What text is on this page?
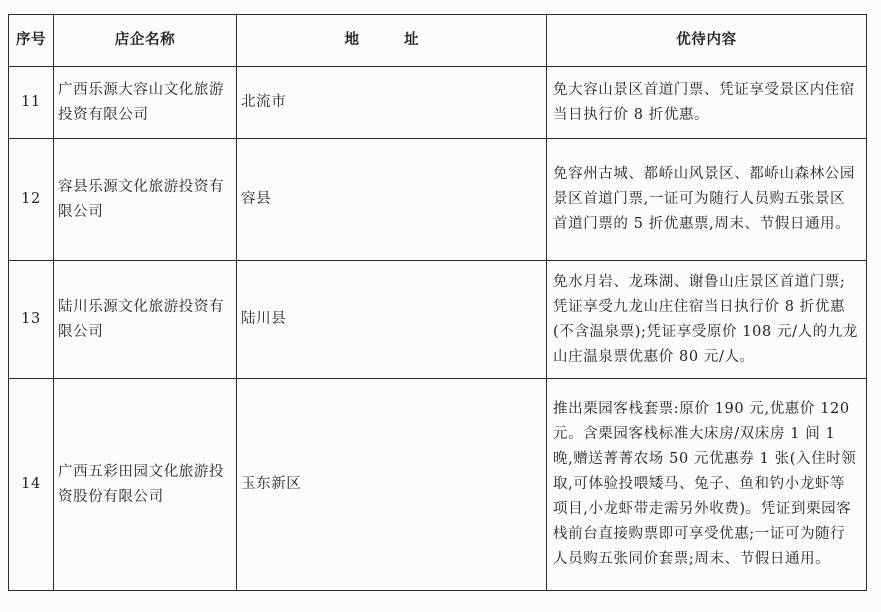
序号	店企名称	地 址	优待内容
11	广西乐源大容山文化旅游投资有限公司	北流市	免大容山景区首道门票、凭证享受景区内住宿当日执行价 8 折优惠。
12	容县乐源文化旅游投资有限公司	容县	免容州古城、都峤山风景区、都峤山森林公园景区首道门票,一证可为随行人员购五张景区首道门票的 5 折优惠票,周末、节假日通用。
13	陆川乐源文化旅游投资有限公司	陆川县	免水月岩、龙珠湖、谢鲁山庄景区首道门票;凭证享受九龙山庄住宿当日执行价 8 折优惠(不含温泉票);凭证享受原价 108 元/人的九龙山庄温泉票优惠价 80 元/人。
14	广西五彩田园文化旅游投资股份有限公司	玉东新区	推出栗园客栈套票:原价 190 元,优惠价 120 元。含栗园客栈标准大床房/双床房 1 间 1 晚,赠送菁菁农场 50 元优惠券 1 张(入住时领取,可体验投喂矮马、兔子、鱼和钓小龙虾等项目,小龙虾带走需另外收费)。凭证到栗园客栈前台直接购票即可享受优惠;一证可为随行人员购五张同价套票;周末、节假日通用。
